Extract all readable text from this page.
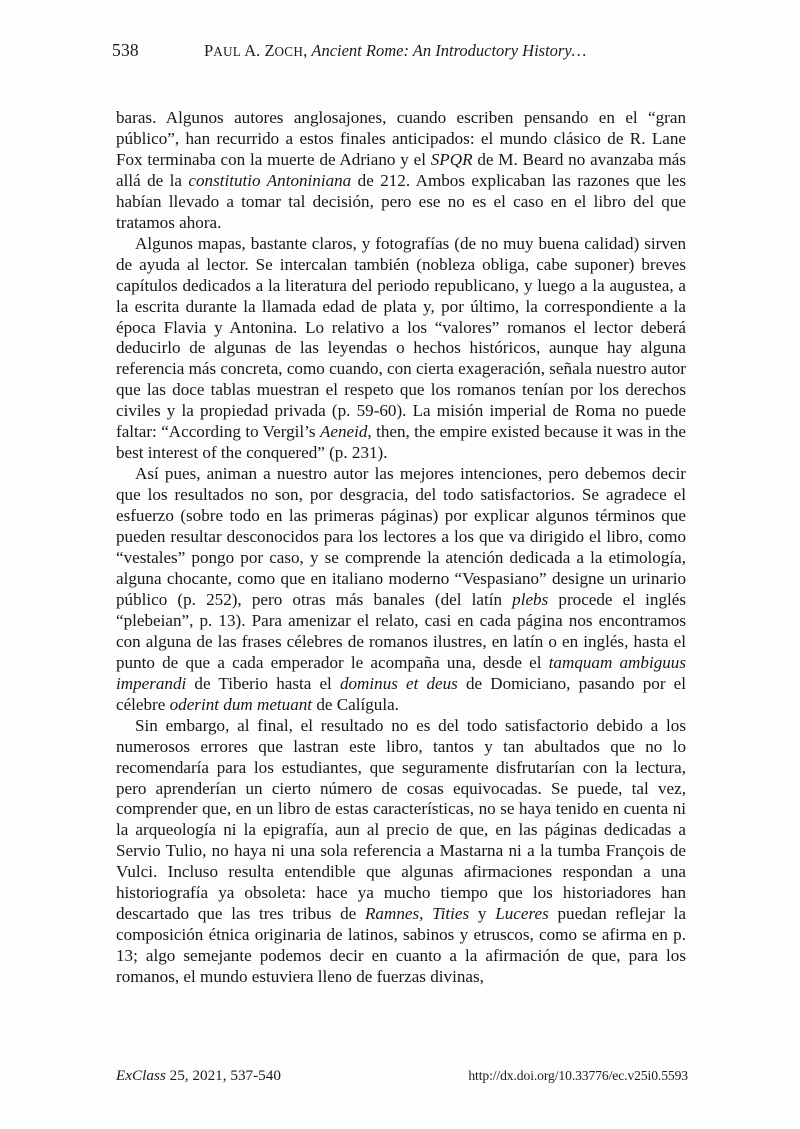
538	PAUL A. ZOCH, Ancient Rome: An Introductory History…

baras. Algunos autores anglosajones, cuando escriben pensando en el “gran público”, han recurrido a estos finales anticipados: el mundo clásico de R. Lane Fox terminaba con la muerte de Adriano y el SPQR de M. Beard no avanzaba más allá de la constitutio Antoniniana de 212. Ambos explicaban las razones que les habían llevado a tomar tal decisión, pero ese no es el caso en el libro del que tratamos ahora.

Algunos mapas, bastante claros, y fotografías (de no muy buena calidad) sirven de ayuda al lector. Se intercalan también (nobleza obliga, cabe suponer) breves capítulos dedicados a la literatura del periodo republicano, y luego a la augustea, a la escrita durante la llamada edad de plata y, por último, la correspondiente a la época Flavia y Antonina. Lo relativo a los “valores” romanos el lector deberá deducirlo de algunas de las leyendas o hechos históricos, aunque hay alguna referencia más concreta, como cuando, con cierta exageración, señala nuestro autor que las doce tablas muestran el respeto que los romanos tenían por los derechos civiles y la propiedad privada (p. 59-60). La misión imperial de Roma no puede faltar: “According to Vergil’s Aeneid, then, the empire existed because it was in the best interest of the conquered” (p. 231).

Así pues, animan a nuestro autor las mejores intenciones, pero debemos decir que los resultados no son, por desgracia, del todo satisfactorios. Se agradece el esfuerzo (sobre todo en las primeras páginas) por explicar algunos términos que pueden resultar desconocidos para los lectores a los que va dirigido el libro, como “vestales” pongo por caso, y se comprende la atención dedicada a la etimología, alguna chocante, como que en italiano moderno “Vespasiano” designe un urinario público (p. 252), pero otras más banales (del latín plebs procede el inglés “plebeian”, p. 13). Para amenizar el relato, casi en cada página nos encontramos con alguna de las frases célebres de romanos ilustres, en latín o en inglés, hasta el punto de que a cada emperador le acompaña una, desde el tamquam ambiguus imperandi de Tiberio hasta el dominus et deus de Domiciano, pasando por el célebre oderint dum metuant de Calígula.

Sin embargo, al final, el resultado no es del todo satisfactorio debido a los numerosos errores que lastran este libro, tantos y tan abultados que no lo recomendaría para los estudiantes, que seguramente disfrutarían con la lectura, pero aprenderían un cierto número de cosas equivocadas. Se puede, tal vez, comprender que, en un libro de estas características, no se haya tenido en cuenta ni la arqueología ni la epigrafía, aun al precio de que, en las páginas dedicadas a Servio Tulio, no haya ni una sola referencia a Mastarna ni a la tumba François de Vulci. Incluso resulta entendible que algunas afirmaciones respondan a una historiografía ya obsoleta: hace ya mucho tiempo que los historiadores han descartado que las tres tribus de Ramnes, Tities y Luceres puedan reflejar la composición étnica originaria de latinos, sabinos y etruscos, como se afirma en p. 13; algo semejante podemos decir en cuanto a la afirmación de que, para los romanos, el mundo estuviera lleno de fuerzas divinas,

ExClass 25, 2021, 537-540	http://dx.doi.org/10.33776/ec.v25i0.5593
